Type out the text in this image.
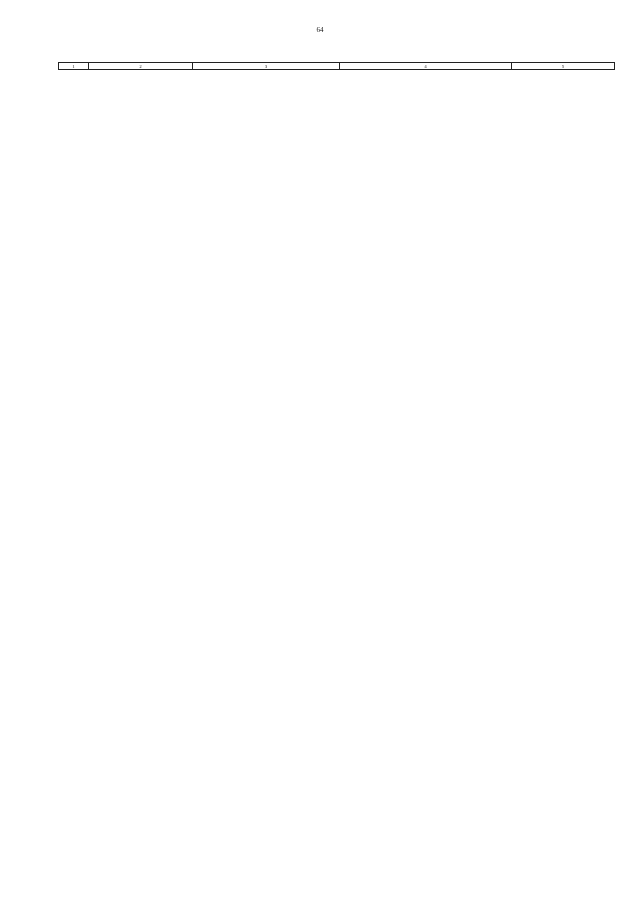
64
1	2	3	4	5
